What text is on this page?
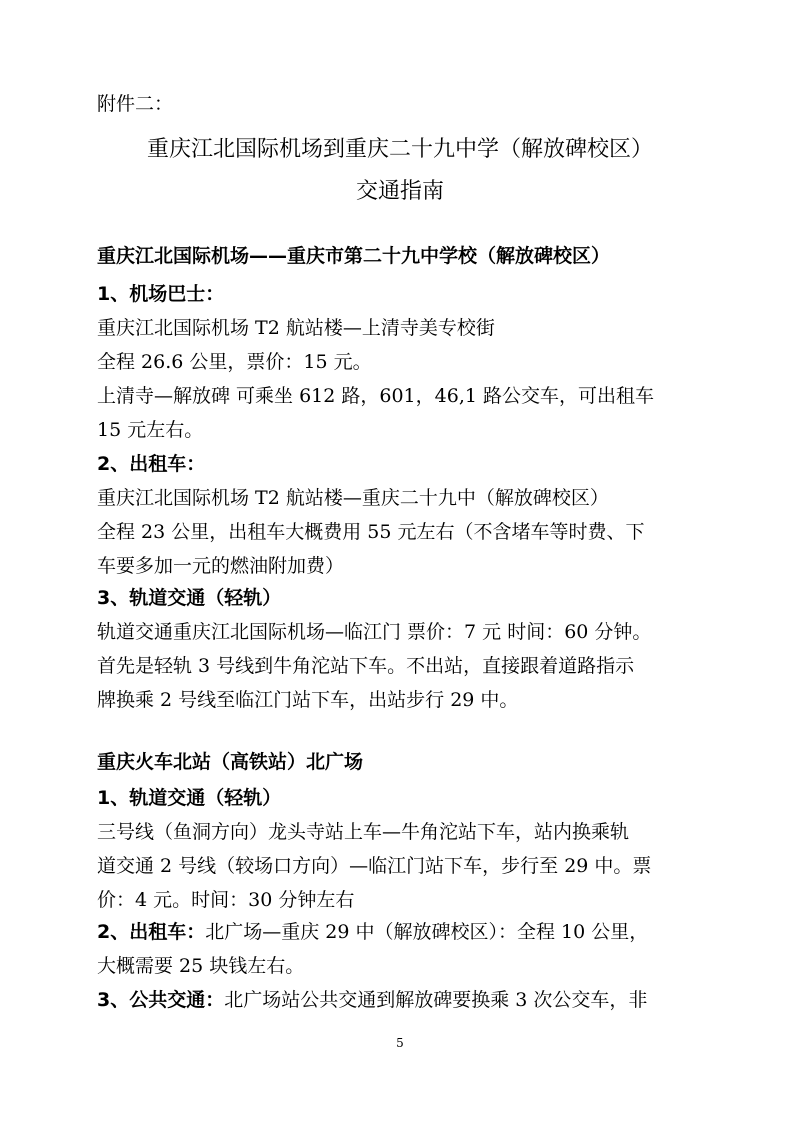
附件二：
重庆江北国际机场到重庆二十九中学（解放碑校区）
交通指南
重庆江北国际机场——重庆市第二十九中学校（解放碑校区）
1、机场巴士：
重庆江北国际机场 T2 航站楼—上清寺美专校街
全程 26.6 公里，票价：15 元。
上清寺—解放碑 可乘坐 612 路，601，46,1 路公交车，可出租车
15 元左右。
2、出租车：
重庆江北国际机场 T2 航站楼—重庆二十九中（解放碑校区）
全程 23 公里，出租车大概费用 55 元左右（不含堵车等时费、下
车要多加一元的燃油附加费）
3、轨道交通（轻轨）
轨道交通重庆江北国际机场—临江门 票价：7 元 时间：60 分钟。
首先是轻轨 3 号线到牛角沱站下车。不出站，直接跟着道路指示
牌换乘 2 号线至临江门站下车，出站步行 29 中。
重庆火车北站（高铁站）北广场
1、轨道交通（轻轨）
三号线（鱼洞方向）龙头寺站上车—牛角沱站下车，站内换乘轨
道交通 2 号线（较场口方向）—临江门站下车，步行至 29 中。票
价：4 元。时间：30 分钟左右
2、出租车：北广场—重庆 29 中（解放碑校区）：全程 10 公里，
大概需要 25 块钱左右。
3、公共交通：北广场站公共交通到解放碑要换乘 3 次公交车，非
5
